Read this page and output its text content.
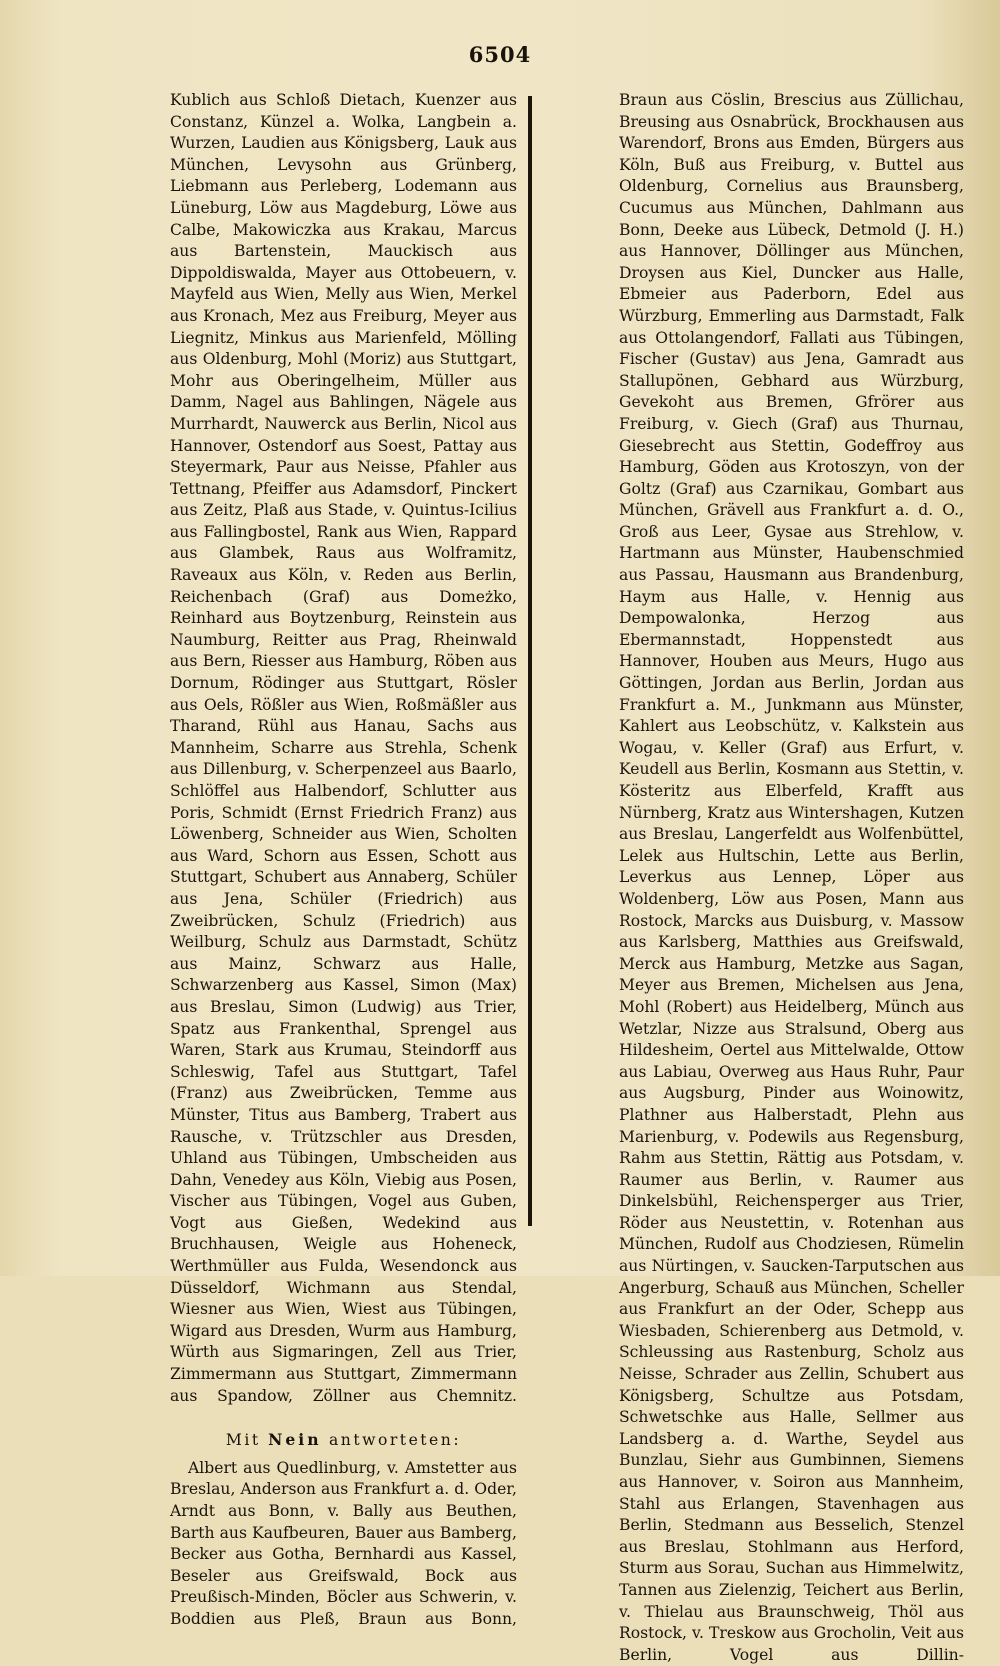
6504

Kublich aus Schloß Dietach, Kuenzer aus Constanz, Künzel a. Wolka, Langbein a. Wurzen, Laudien aus Königsberg, Lauk aus München, Levysohn aus Grünberg, Liebmann aus Perleberg, Lodemann aus Lüneburg, Löw aus Magdeburg, Löwe aus Calbe, Makowiczka aus Krakau, Marcus aus Bartenstein, Mauckisch aus Dippoldiswalda, Mayer aus Ottobeuern, v. Mayfeld aus Wien, Melly aus Wien, Merkel aus Kronach, Mez aus Freiburg, Meyer aus Liegnitz, Minkus aus Marienfeld, Mölling aus Oldenburg, Mohl (Moriz) aus Stuttgart, Mohr aus Oberingelheim, Müller aus Damm, Nagel aus Bahlingen, Nägele aus Murrhardt, Nauwerck aus Berlin, Nicol aus Hannover, Ostendorf aus Soest, Pattay aus Steyermark, Paur aus Neisse, Pfahler aus Tettnang, Pfeiffer aus Adamsdorf, Pinckert aus Zeitz, Plaß aus Stade, v. Quintus-Icilius aus Fallingbostel, Rank aus Wien, Rappard aus Glambek, Raus aus Wolframitz, Raveaux aus Köln, v. Reden aus Berlin, Reichenbach (Graf) aus Domeżko, Reinhard aus Boytzenburg, Reinstein aus Naumburg, Reitter aus Prag, Rheinwald aus Bern, Riesser aus Hamburg, Röben aus Dornum, Rödinger aus Stuttgart, Rösler aus Oels, Rößler aus Wien, Roßmäßler aus Tharand, Rühl aus Hanau, Sachs aus Mannheim, Scharre aus Strehla, Schenk aus Dillenburg, v. Scherpenzeel aus Baarlo, Schlöffel aus Halbendorf, Schlutter aus Poris, Schmidt (Ernst Friedrich Franz) aus Löwenberg, Schneider aus Wien, Scholten aus Ward, Schorn aus Essen, Schott aus Stuttgart, Schubert aus Annaberg, Schüler aus Jena, Schüler (Friedrich) aus Zweibrücken, Schulz (Friedrich) aus Weilburg, Schulz aus Darmstadt, Schütz aus Mainz, Schwarz aus Halle, Schwarzenberg aus Kassel, Simon (Max) aus Breslau, Simon (Ludwig) aus Trier, Spatz aus Frankenthal, Sprengel aus Waren, Stark aus Krumau, Steindorff aus Schleswig, Tafel aus Stuttgart, Tafel (Franz) aus Zweibrücken, Temme aus Münster, Titus aus Bamberg, Trabert aus Rausche, v. Trützschler aus Dresden, Uhland aus Tübingen, Umbscheiden aus Dahn, Venedey aus Köln, Viebig aus Posen, Vischer aus Tübingen, Vogel aus Guben, Vogt aus Gießen, Wedekind aus Bruchhausen, Weigle aus Hoheneck, Werthmüller aus Fulda, Wesendonck aus Düsseldorf, Wichmann aus Stendal, Wiesner aus Wien, Wiest aus Tübingen, Wigard aus Dresden, Wurm aus Hamburg, Würth aus Sigmaringen, Zell aus Trier, Zimmermann aus Stuttgart, Zimmermann aus Spandow, Zöllner aus Chemnitz.

Mit Nein antworteten:

Albert aus Quedlinburg, v. Amstetter aus Breslau, Anderson aus Frankfurt a. d. Oder, Arndt aus Bonn, v. Bally aus Beuthen, Barth aus Kaufbeuren, Bauer aus Bamberg, Becker aus Gotha, Bernhardi aus Kassel, Beseler aus Greifswald, Bock aus Preußisch-Minden, Böcler aus Schwerin, v. Boddien aus Pleß, Braun aus Bonn,

Braun aus Cöslin, Brescius aus Züllichau, Breusing aus Osnabrück, Brockhausen aus Warendorf, Brons aus Emden, Bürgers aus Köln, Buß aus Freiburg, v. Buttel aus Oldenburg, Cornelius aus Braunsberg, Cucumus aus München, Dahlmann aus Bonn, Deeke aus Lübeck, Detmold (J. H.) aus Hannover, Döllinger aus München, Droysen aus Kiel, Duncker aus Halle, Ebmeier aus Paderborn, Edel aus Würzburg, Emmerling aus Darmstadt, Falk aus Ottolangendorf, Fallati aus Tübingen, Fischer (Gustav) aus Jena, Gamradt aus Stallupönen, Gebhard aus Würzburg, Gevekoht aus Bremen, Gfrörer aus Freiburg, v. Giech (Graf) aus Thurnau, Giesebrecht aus Stettin, Godeffroy aus Hamburg, Göden aus Krotoszyn, von der Goltz (Graf) aus Czarnikau, Gombart aus München, Grävell aus Frankfurt a. d. O., Groß aus Leer, Gysae aus Strehlow, v. Hartmann aus Münster, Haubenschmied aus Passau, Hausmann aus Brandenburg, Haym aus Halle, v. Hennig aus Dempowalonka, Herzog aus Ebermannstadt, Hoppenstedt aus Hannover, Houben aus Meurs, Hugo aus Göttingen, Jordan aus Berlin, Jordan aus Frankfurt a. M., Junkmann aus Münster, Kahlert aus Leobschütz, v. Kalkstein aus Wogau, v. Keller (Graf) aus Erfurt, v. Keudell aus Berlin, Kosmann aus Stettin, v. Kösteritz aus Elberfeld, Krafft aus Nürnberg, Kratz aus Wintershagen, Kutzen aus Breslau, Langerfeldt aus Wolfenbüttel, Lelek aus Hultschin, Lette aus Berlin, Leverkus aus Lennep, Löper aus Woldenberg, Löw aus Posen, Mann aus Rostock, Marcks aus Duisburg, v. Massow aus Karlsberg, Matthies aus Greifswald, Merck aus Hamburg, Metzke aus Sagan, Meyer aus Bremen, Michelsen aus Jena, Mohl (Robert) aus Heidelberg, Münch aus Wetzlar, Nizze aus Stralsund, Oberg aus Hildesheim, Oertel aus Mittelwalde, Ottow aus Labiau, Overweg aus Haus Ruhr, Paur aus Augsburg, Pinder aus Woinowitz, Plathner aus Halberstadt, Plehn aus Marienburg, v. Podewils aus Regensburg, Rahm aus Stettin, Rättig aus Potsdam, v. Raumer aus Berlin, v. Raumer aus Dinkelsbühl, Reichensperger aus Trier, Röder aus Neustettin, v. Rotenhan aus München, Rudolf aus Chodziesen, Rümelin aus Nürtingen, v. Saucken-Tarputschen aus Angerburg, Schauß aus München, Scheller aus Frankfurt an der Oder, Schepp aus Wiesbaden, Schierenberg aus Detmold, v. Schleussing aus Rastenburg, Scholz aus Neisse, Schrader aus Zellin, Schubert aus Königsberg, Schultze aus Potsdam, Schwetschke aus Halle, Sellmer aus Landsberg a. d. Warthe, Seydel aus Bunzlau, Siehr aus Gumbinnen, Siemens aus Hannover, v. Soiron aus Mannheim, Stahl aus Erlangen, Stavenhagen aus Berlin, Stedmann aus Besselich, Stenzel aus Breslau, Stohlmann aus Herford, Sturm aus Sorau, Suchan aus Himmelwitz, Tannen aus Zielenzig, Teichert aus Berlin, v. Thielau aus Braunschweig, Thöl aus Rostock, v. Treskow aus Grocholin, Veit aus Berlin, Vogel aus Dillin-
